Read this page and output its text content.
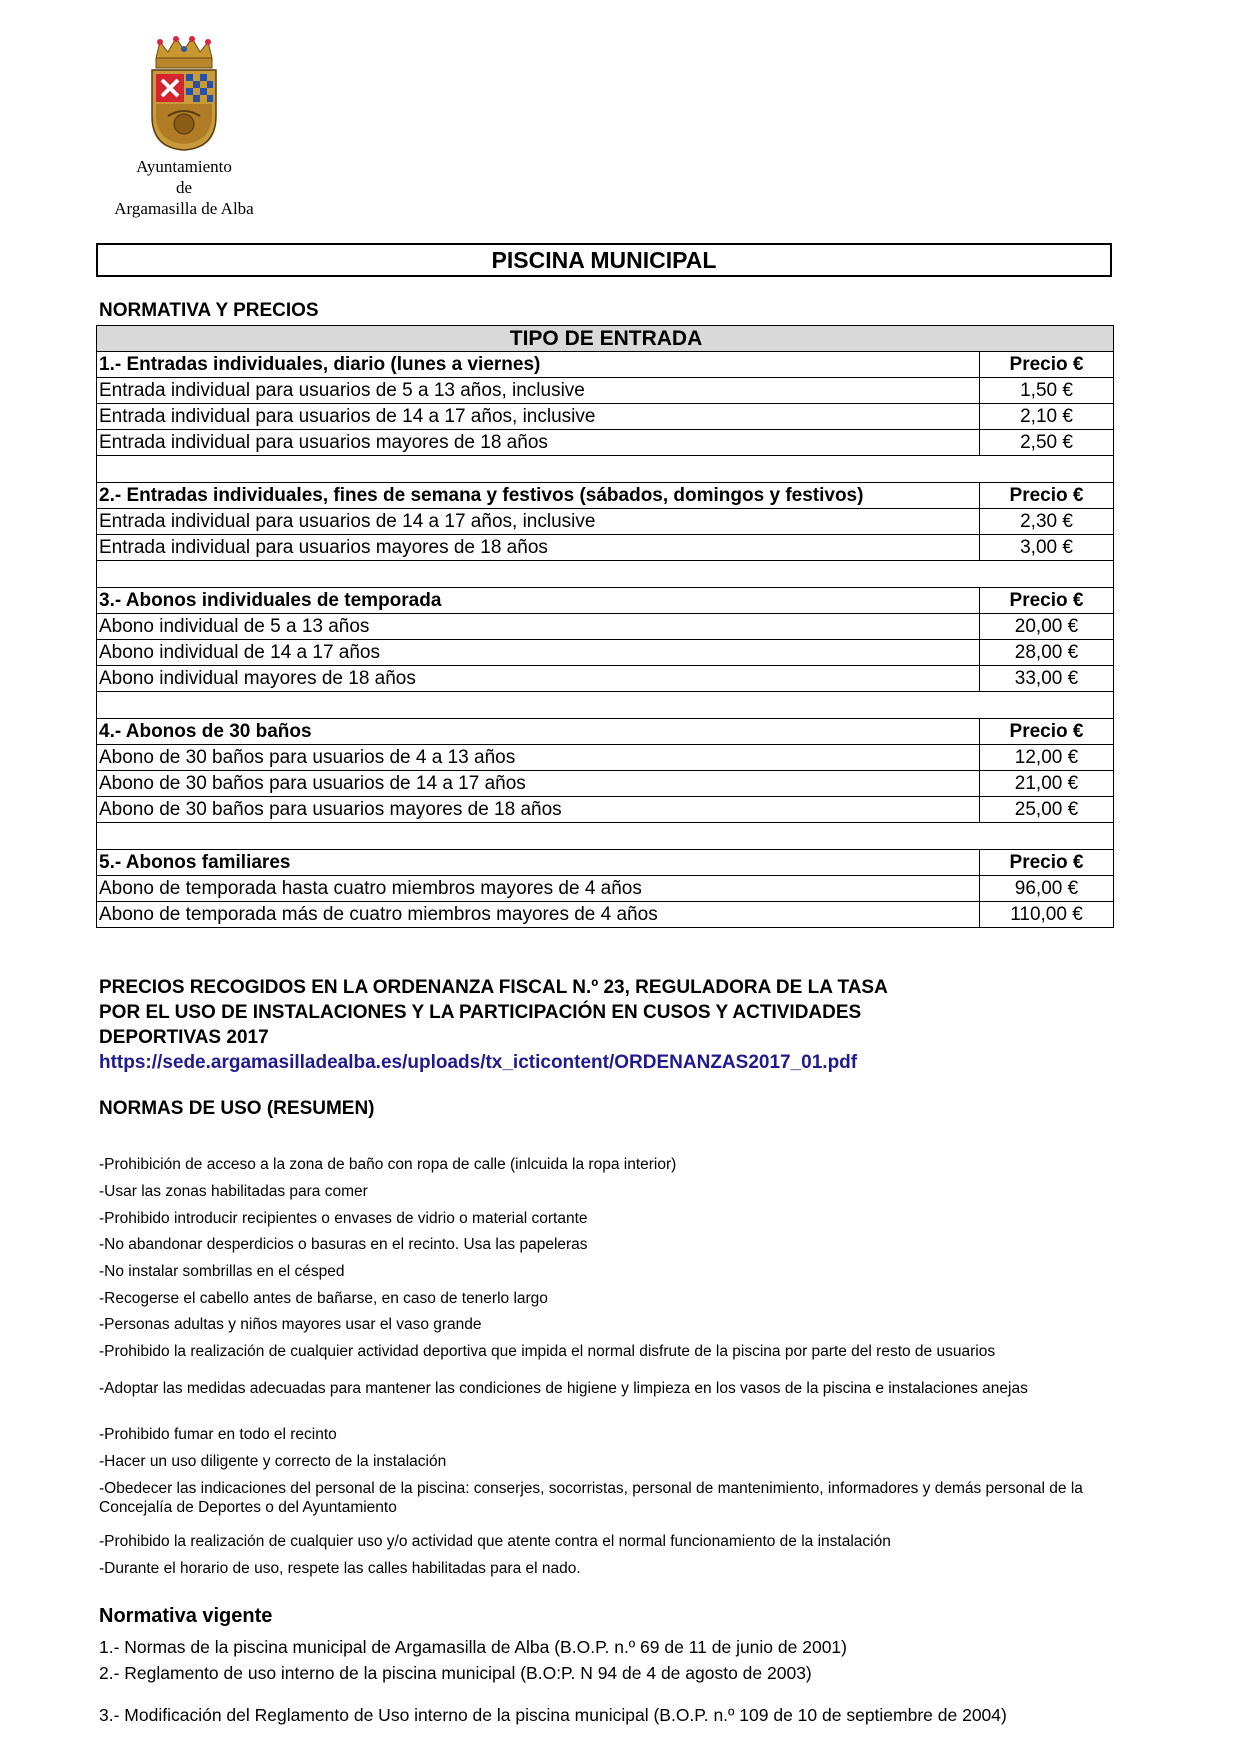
Ayuntamiento
de
Argamasilla de Alba
PISCINA MUNICIPAL
NORMATIVA Y PRECIOS
TIPO DE ENTRADA	
1.- Entradas individuales, diario (lunes a viernes)	Precio €
Entrada individual para usuarios de 5 a 13 años, inclusive	1,50 €
Entrada individual para usuarios de 14 a 17 años, inclusive	2,10 €
Entrada individual para usuarios mayores de 18 años	2,50 €

2.- Entradas individuales, fines de semana y festivos (sábados, domingos y festivos)	Precio €
Entrada individual para usuarios de 14 a 17 años, inclusive	2,30 €
Entrada individual para usuarios mayores de 18 años	3,00 €

3.- Abonos individuales de temporada	Precio €
Abono individual de 5 a 13 años	20,00 €
Abono individual de 14 a 17 años	28,00 €
Abono individual mayores de 18 años	33,00 €

4.- Abonos de 30 baños	Precio €
Abono de 30 baños para usuarios de 4 a 13 años	12,00 €
Abono de 30 baños para usuarios de 14 a 17 años	21,00 €
Abono de 30 baños para usuarios mayores de 18 años	25,00 €

5.- Abonos familiares	Precio €
Abono de temporada hasta cuatro miembros mayores de 4 años	96,00 €
Abono de temporada más de cuatro miembros mayores de 4 años	110,00 €
PRECIOS RECOGIDOS EN LA ORDENANZA FISCAL N.º 23, REGULADORA DE LA TASA
POR EL USO DE INSTALACIONES Y LA PARTICIPACIÓN EN CUSOS Y ACTIVIDADES
DEPORTIVAS 2017
https://sede.argamasilladealba.es/uploads/tx_icticontent/ORDENANZAS2017_01.pdf
NORMAS DE USO (RESUMEN)
-Prohibición de acceso a la zona de baño con ropa de calle (inlcuida la ropa interior)
-Usar las zonas habilitadas para comer
-Prohibido introducir recipientes o envases de vidrio o material cortante
-No abandonar desperdicios o basuras en el recinto. Usa las papeleras
-No instalar sombrillas en el césped
-Recogerse el cabello antes de bañarse, en caso de tenerlo largo
-Personas adultas y niños mayores usar el vaso grande
-Prohibido la realización de cualquier actividad deportiva que impida el normal disfrute de la piscina por parte del resto de usuarios
-Adoptar las medidas adecuadas para mantener las condiciones de higiene y limpieza en los vasos de la piscina e instalaciones anejas
-Prohibido fumar en todo el recinto
-Hacer un uso diligente y correcto de la instalación
-Obedecer las indicaciones del personal de la piscina: conserjes, socorristas, personal de mantenimiento, informadores y demás personal de la Concejalía de Deportes o del Ayuntamiento
-Prohibido la realización de cualquier uso y/o actividad que atente contra el normal funcionamiento de la instalación
-Durante el horario de uso, respete las calles habilitadas para el nado.
Normativa vigente
1.- Normas de la piscina municipal de Argamasilla de Alba (B.O.P. n.º 69 de 11 de junio de 2001)
2.- Reglamento de uso interno de la piscina municipal (B.O:P. N 94 de 4 de agosto de 2003)
3.- Modificación del Reglamento de Uso interno de la piscina municipal (B.O.P. n.º 109 de 10 de septiembre de 2004)
